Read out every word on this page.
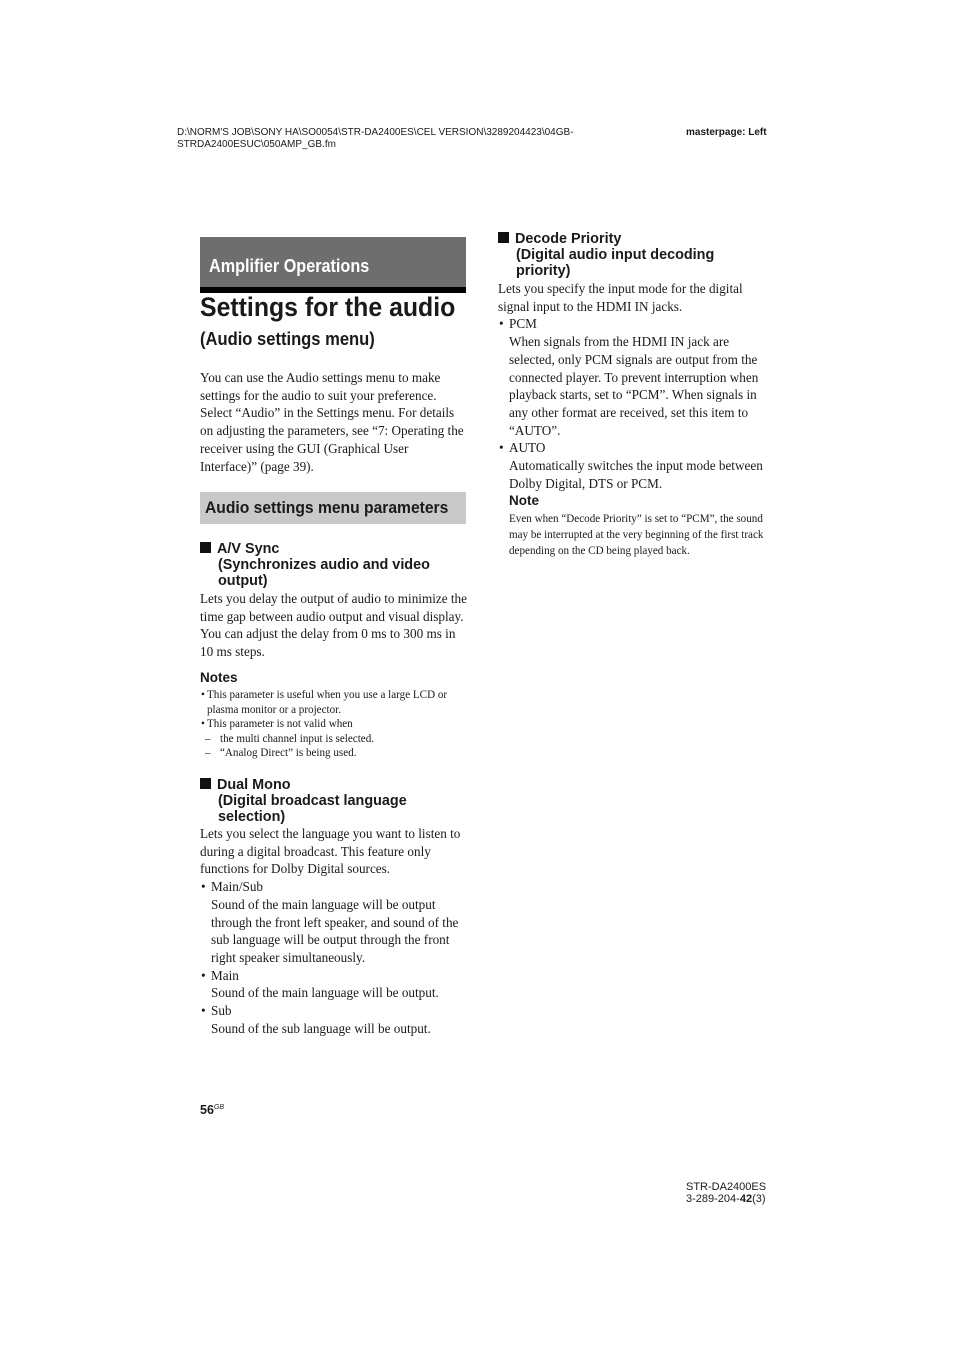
D:\NORM'S JOB\SONY HA\SO0054\STR-DA2400ES\CEL VERSION\3289204423\04GB-
STRDA2400ESUC\050AMP_GB.fm
masterpage: Left
Amplifier Operations
Settings for the audio
(Audio settings menu)
You can use the Audio settings menu to make settings for the audio to suit your preference. Select “Audio” in the Settings menu. For details on adjusting the parameters, see “7: Operating the receiver using the GUI (Graphical User Interface)” (page 39).
Audio settings menu parameters
A/V Sync
(Synchronizes audio and video
output)
Lets you delay the output of audio to minimize the time gap between audio output and visual display. You can adjust the delay from 0 ms to 300 ms in 10 ms steps.
Notes
• This parameter is useful when you use a large LCD or plasma monitor or a projector.
• This parameter is not valid when
– the multi channel input is selected.
– “Analog Direct” is being used.
Dual Mono
(Digital broadcast language
selection)
Lets you select the language you want to listen to during a digital broadcast. This feature only functions for Dolby Digital sources.
• Main/Sub
Sound of the main language will be output through the front left speaker, and sound of the sub language will be output through the front right speaker simultaneously.
• Main
Sound of the main language will be output.
• Sub
Sound of the sub language will be output.
Decode Priority
(Digital audio input decoding
priority)
Lets you specify the input mode for the digital signal input to the HDMI IN jacks.
• PCM
When signals from the HDMI IN jack are selected, only PCM signals are output from the connected player. To prevent interruption when playback starts, set to “PCM”. When signals in any other format are received, set this item to “AUTO”.
• AUTO
Automatically switches the input mode between Dolby Digital, DTS or PCM.
Note
Even when “Decode Priority” is set to “PCM”, the sound may be interrupted at the very beginning of the first track depending on the CD being played back.
$56^{GB}$
STR-DA2400ES
3-289-204-42(3)
